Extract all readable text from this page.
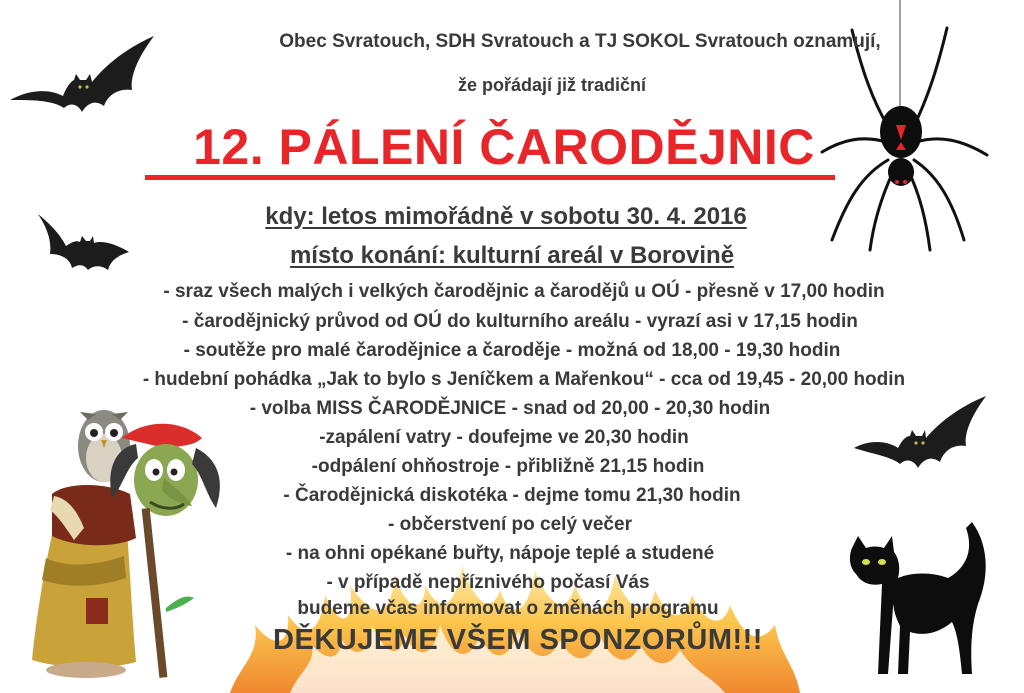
Obec Svratouch, SDH Svratouch a TJ SOKOL Svratouch oznamují,
že pořádají již tradiční
12. PÁLENÍ ČARODĚJNIC
kdy: letos mimořádně v sobotu 30. 4. 2016
místo konání: kulturní areál v Borovině
- sraz všech malých i velkých čarodějnic a čarodějů u OÚ - přesně v 17,00 hodin
- čarodějnický průvod od OÚ do kulturního areálu - vyrazí asi v 17,15 hodin
- soutěže pro malé čarodějnice a čaroděje - možná od 18,00 - 19,30 hodin
- hudební pohádka „Jak to bylo s Jeníčkem a Mařenkou“ - cca od 19,45 - 20,00 hodin
- volba MISS ČARODĚJNICE - snad od 20,00 - 20,30 hodin
-zapálení vatry - doufejme ve 20,30 hodin
-odpálení ohňostroje - přibližně 21,15 hodin
- Čarodějnická diskotéka - dejme tomu 21,30 hodin
- občerstvení po celý večer
- na ohni opékané buřty, nápoje teplé a studené
- v případě nepříznivého počasí Vás
budeme včas informovat o změnách programu
DĚKUJEME VŠEM SPONZORŮM!!!
